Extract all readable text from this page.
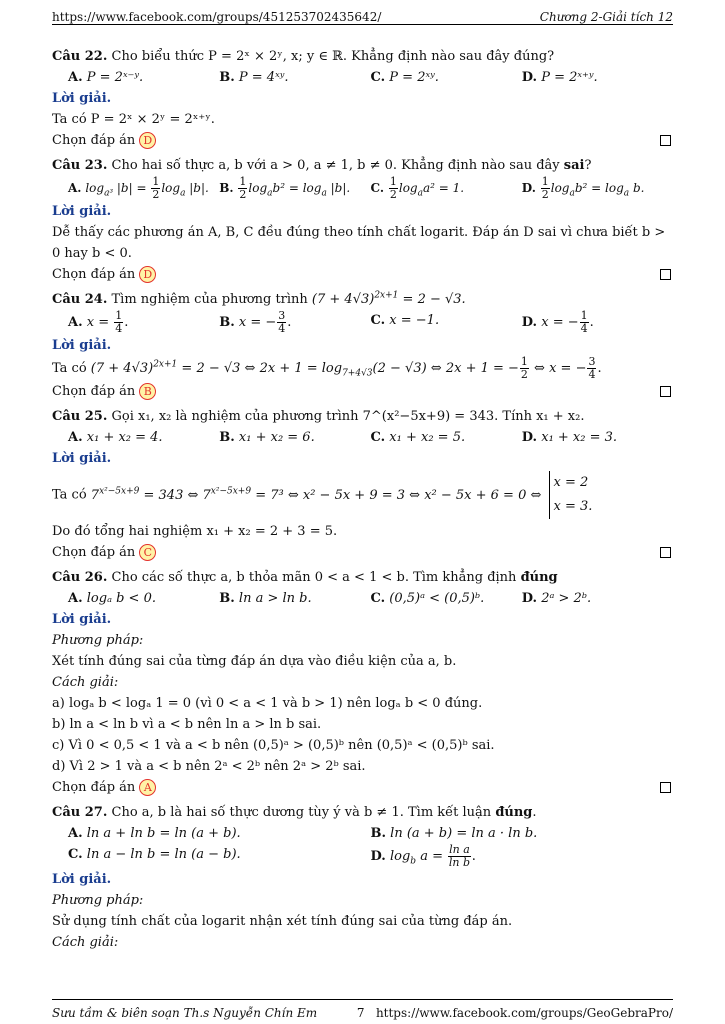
https://www.facebook.com/groups/451253702435642/	Chương 2-Giải tích 12
Câu 22. Cho biểu thức P = 2ˣ × 2ʸ, x; y ∈ ℝ. Khẳng định nào sau đây đúng?
A. P = 2ˣ⁻ʸ.	B. P = 4ˣʸ.	C. P = 2ˣʸ.	D. P = 2ˣ⁺ʸ.
Lời giải.
Ta có P = 2ˣ × 2ʸ = 2ˣ⁺ʸ.
Chọn đáp án D
Câu 23. Cho hai số thực a, b với a > 0, a ≠ 1, b ≠ 0. Khẳng định nào sau đây sai?
A. $\log_{a^3} |b| = \frac{1}{2} \log_a |b|$. B. $\frac{1}{2} \log_ab^2 = \log_a |b|$.	C. $\frac{1}{2} \log_aa^2 = 1$.	D. $\frac{1}{2} \log_ab^2 = \log_a b$.
Lời giải.
Dễ thấy các phương án A, B, C đều đúng theo tính chất logarit. Đáp án D sai vì chưa biết b > 0 hay b < 0.
Chọn đáp án D
Câu 24. Tìm nghiệm của phương trình $(7 + 4√3)^{2x+1} = 2 - √3$.
A. $x = \frac{1}{4}$ .	B. x = − $\frac{3}{4}$ .	C. x = −1.	D. x = − $\frac{1}{4}$ .
Lời giải.
Ta có $(7 + 4√3)^{2x+1} = 2 - √3$ ⇔ $2x + 1 = \log_{7+4√3}(2 - √3)$ ⇔ 2x + 1 = − $\frac{1}{2}$ ⇔ x = − $\frac{3}{4}$ .
Chọn đáp án B
Câu 25. Gọi x₁, x₂ là nghiệm của phương trình 7^(x²−5x+9) = 343. Tính x₁ + x₂.
A. x₁ + x₂ = 4.	B. x₁ + x₂ = 6.	C. x₁ + x₂ = 5.	D. x₁ + x₂ = 3.
Lời giải.
Ta có $7^{x^2-5x+9} = 343$ ⇔ $7^{x^2-5x+9} = 7^3$ ⇔ x² − 5x + 9 = 3 ⇔ x² − 5x + 6 = 0 ⇔ x = 2
x = 3.
Do đó tổng hai nghiệm x₁ + x₂ = 2 + 3 = 5.
Chọn đáp án C
Câu 26. Cho các số thực a, b thỏa mãn 0 < a < 1 < b. Tìm khẳng định đúng
A. logₐ b < 0.	B. ln a > ln b.	C. (0,5)ᵃ < (0,5)ᵇ.	D. 2ᵃ > 2ᵇ.
Lời giải.
Phương pháp:
Xét tính đúng sai của từng đáp án dựa vào điều kiện của a, b.
Cách giải:
a) logₐ b < logₐ 1 = 0 (vì 0 < a < 1 và b > 1) nên logₐ b < 0 đúng.
b) ln a < ln b vì a < b nên ln a > ln b sai.
c) Vì 0 < 0,5 < 1 và a < b nên (0,5)ᵃ > (0,5)ᵇ nên (0,5)ᵃ < (0,5)ᵇ sai.
d) Vì 2 > 1 và a < b nên 2ᵃ < 2ᵇ nên 2ᵃ > 2ᵇ sai.
Chọn đáp án A
Câu 27. Cho a, b là hai số thực dương tùy ý và b ≠ 1. Tìm kết luận đúng.
A. ln a + ln b = ln (a + b).	B. ln (a + b) = ln a · ln b.
C. ln a − ln b = ln (a − b).	D. $\log_b a = \frac{\text{ln a}}{\text{ln b}}$ .
Lời giải.
Phương pháp:
Sử dụng tính chất của logarit nhận xét tính đúng sai của từng đáp án.
Cách giải:
Sưu tầm & biên soạn Th.s Nguyễn Chín Em	7 https://www.facebook.com/groups/GeoGebraPro/
